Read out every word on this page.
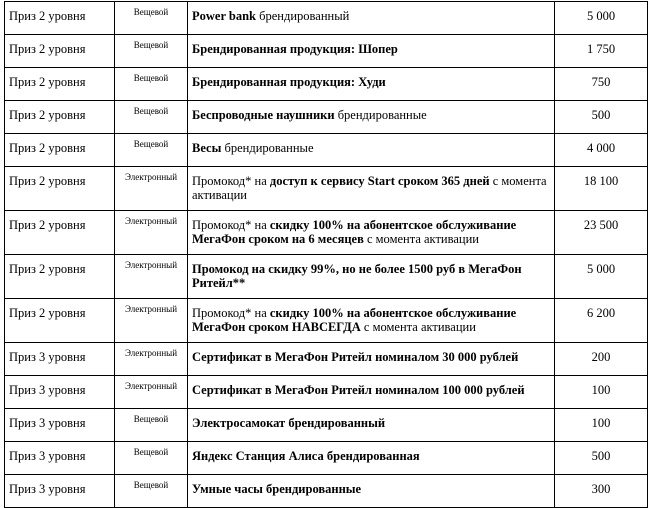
Приз 2 уровня	Вещевой	Power bank брендированный	5 000
Приз 2 уровня	Вещевой	Брендированная продукция: Шопер	1 750
Приз 2 уровня	Вещевой	Брендированная продукция: Худи	750
Приз 2 уровня	Вещевой	Беспроводные наушники брендированные	500
Приз 2 уровня	Вещевой	Весы брендированные	4 000
Приз 2 уровня	Электронный	Промокод* на доступ к сервису Start сроком 365 дней с момента активации	18 100
Приз 2 уровня	Электронный	Промокод* на скидку 100% на абонентское обслуживание МегаФон сроком на 6 месяцев с момента активации	23 500
Приз 2 уровня	Электронный	Промокод на скидку 99%, но не более 1500 руб в МегаФон Ритейл**	5 000
Приз 2 уровня	Электронный	Промокод* на скидку 100% на абонентское обслуживание МегаФон сроком НАВСЕГДА с момента активации	6 200
Приз 3 уровня	Электронный	Сертификат в МегаФон Ритейл номиналом 30 000 рублей	200
Приз 3 уровня	Электронный	Сертификат в МегаФон Ритейл номиналом 100 000 рублей	100
Приз 3 уровня	Вещевой	Электросамокат брендированный	100
Приз 3 уровня	Вещевой	Яндекс Станция Алиса брендированная	500
Приз 3 уровня	Вещевой	Умные часы брендированные	300
